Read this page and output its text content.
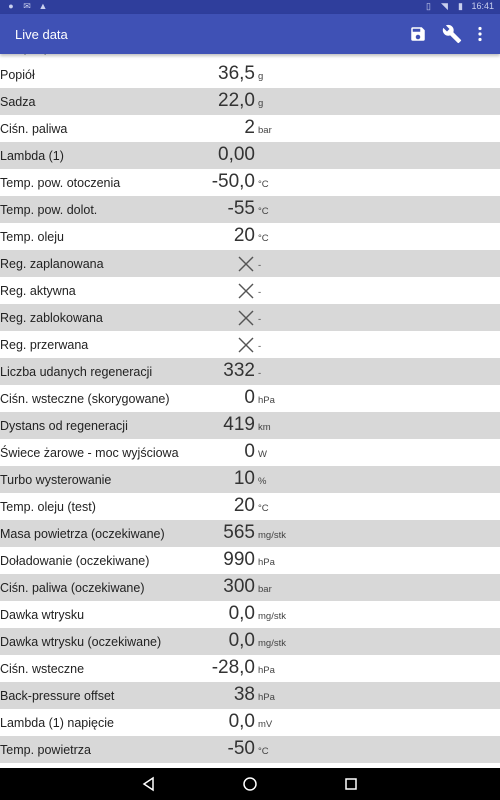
● ✉ ▲	▯ ◥ ▮ 16:41
Live data
Popiół	36,5 g
Sadza	22,0 g
Ciśn. paliwa	2 bar
Lambda (1)	0,00
Temp. pow. otoczenia	-50,0 °C
Temp. pow. dolot.	-55 °C
Temp. oleju	20 °C
Reg. zaplanowana	-
Reg. aktywna	-
Reg. zablokowana	-
Reg. przerwana	-
Liczba udanych regeneracji	332 -
Ciśn. wsteczne (skorygowane)	0 hPa
Dystans od regeneracji	419 km
Świece żarowe - moc wyjściowa	0 W
Turbo wysterowanie	10 %
Temp. oleju (test)	20 °C
Masa powietrza (oczekiwane)	565 mg/stk
Doładowanie (oczekiwane)	990 hPa
Ciśn. paliwa (oczekiwane)	300 bar
Dawka wtrysku	0,0 mg/stk
Dawka wtrysku (oczekiwane)	0,0 mg/stk
Ciśn. wsteczne	-28,0 hPa
Back-pressure offset	38 hPa
Lambda (1) napięcie	0,0 mV
Temp. powietrza	-50 °C
